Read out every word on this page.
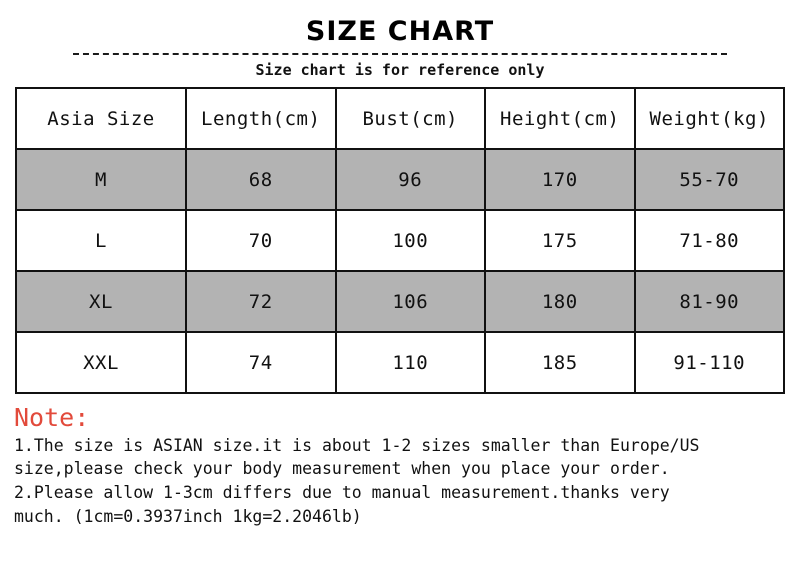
SIZE CHART
Size chart is for reference only
Asia Size	Length(cm)	Bust(cm)	Height(cm)	Weight(kg)
M	68	96	170	55-70
L	70	100	175	71-80
XL	72	106	180	81-90
XXL	74	110	185	91-110
Note:
1.The size is ASIAN size.it is about 1-2 sizes smaller than Europe/US
size,please check your body measurement when you place your order.
2.Please allow 1-3cm differs due to manual measurement.thanks very
much. (1cm=0.3937inch 1kg=2.2046lb)
